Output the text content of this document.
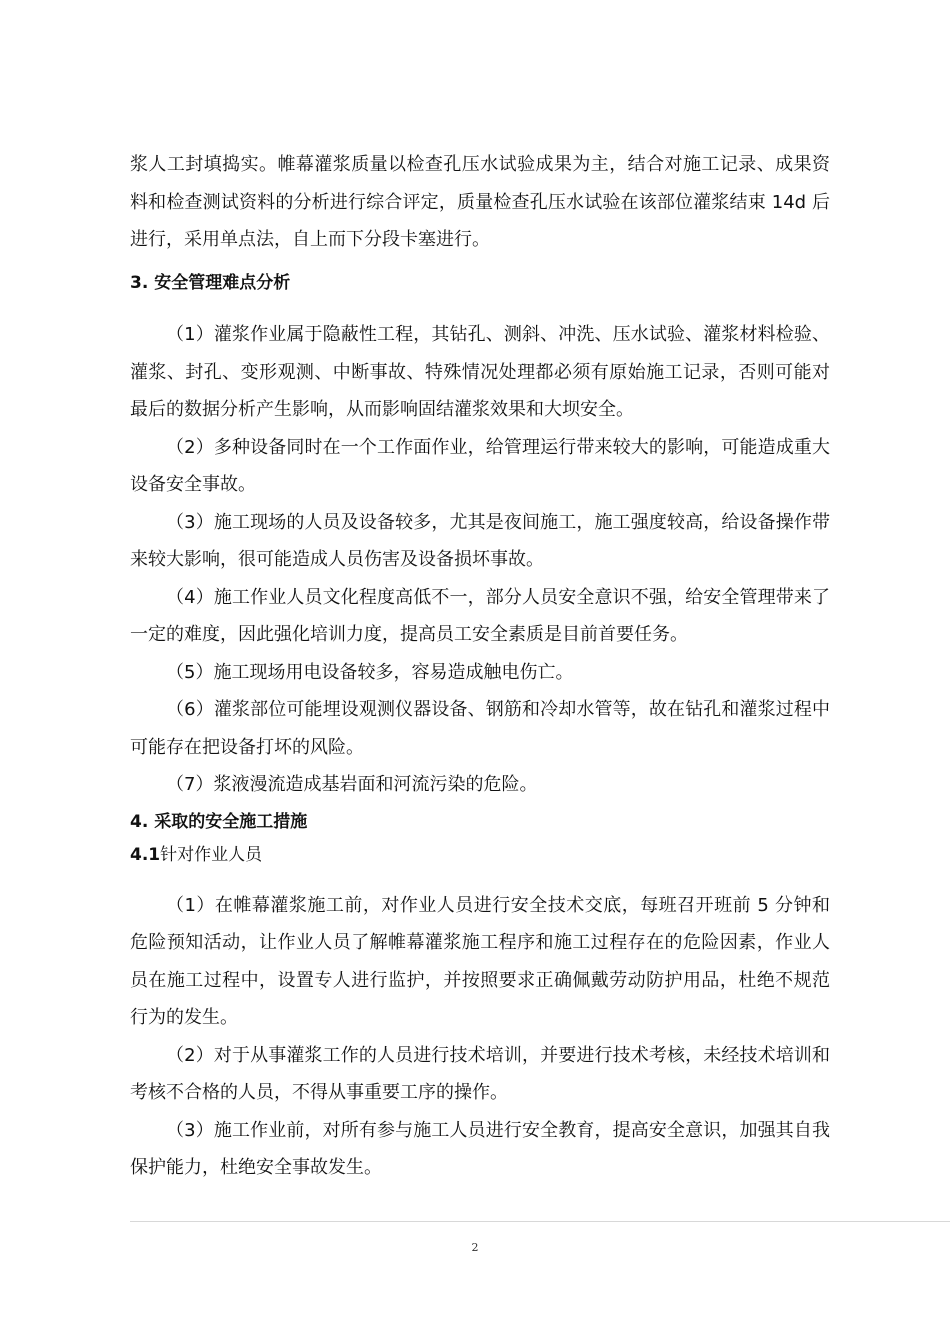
浆人工封填捣实。帷幕灌浆质量以检查孔压水试验成果为主，结合对施工记录、成果资料和检查测试资料的分析进行综合评定，质量检查孔压水试验在该部位灌浆结束 14d 后进行，采用单点法，自上而下分段卡塞进行。

3. 安全管理难点分析

（1）灌浆作业属于隐蔽性工程，其钻孔、测斜、冲洗、压水试验、灌浆材料检验、灌浆、封孔、变形观测、中断事故、特殊情况处理都必须有原始施工记录，否则可能对最后的数据分析产生影响，从而影响固结灌浆效果和大坝安全。

（2）多种设备同时在一个工作面作业，给管理运行带来较大的影响，可能造成重大设备安全事故。

（3）施工现场的人员及设备较多，尤其是夜间施工，施工强度较高，给设备操作带来较大影响，很可能造成人员伤害及设备损坏事故。

（4）施工作业人员文化程度高低不一，部分人员安全意识不强，给安全管理带来了一定的难度，因此强化培训力度，提高员工安全素质是目前首要任务。

（5）施工现场用电设备较多，容易造成触电伤亡。

（6）灌浆部位可能埋设观测仪器设备、钢筋和冷却水管等，故在钻孔和灌浆过程中可能存在把设备打坏的风险。

（7）浆液漫流造成基岩面和河流污染的危险。

4. 采取的安全施工措施

4.1针对作业人员

（1）在帷幕灌浆施工前，对作业人员进行安全技术交底，每班召开班前 5 分钟和危险预知活动，让作业人员了解帷幕灌浆施工程序和施工过程存在的危险因素，作业人员在施工过程中，设置专人进行监护，并按照要求正确佩戴劳动防护用品，杜绝不规范行为的发生。

（2）对于从事灌浆工作的人员进行技术培训，并要进行技术考核，未经技术培训和考核不合格的人员，不得从事重要工序的操作。

（3）施工作业前，对所有参与施工人员进行安全教育，提高安全意识，加强其自我保护能力，杜绝安全事故发生。

2
